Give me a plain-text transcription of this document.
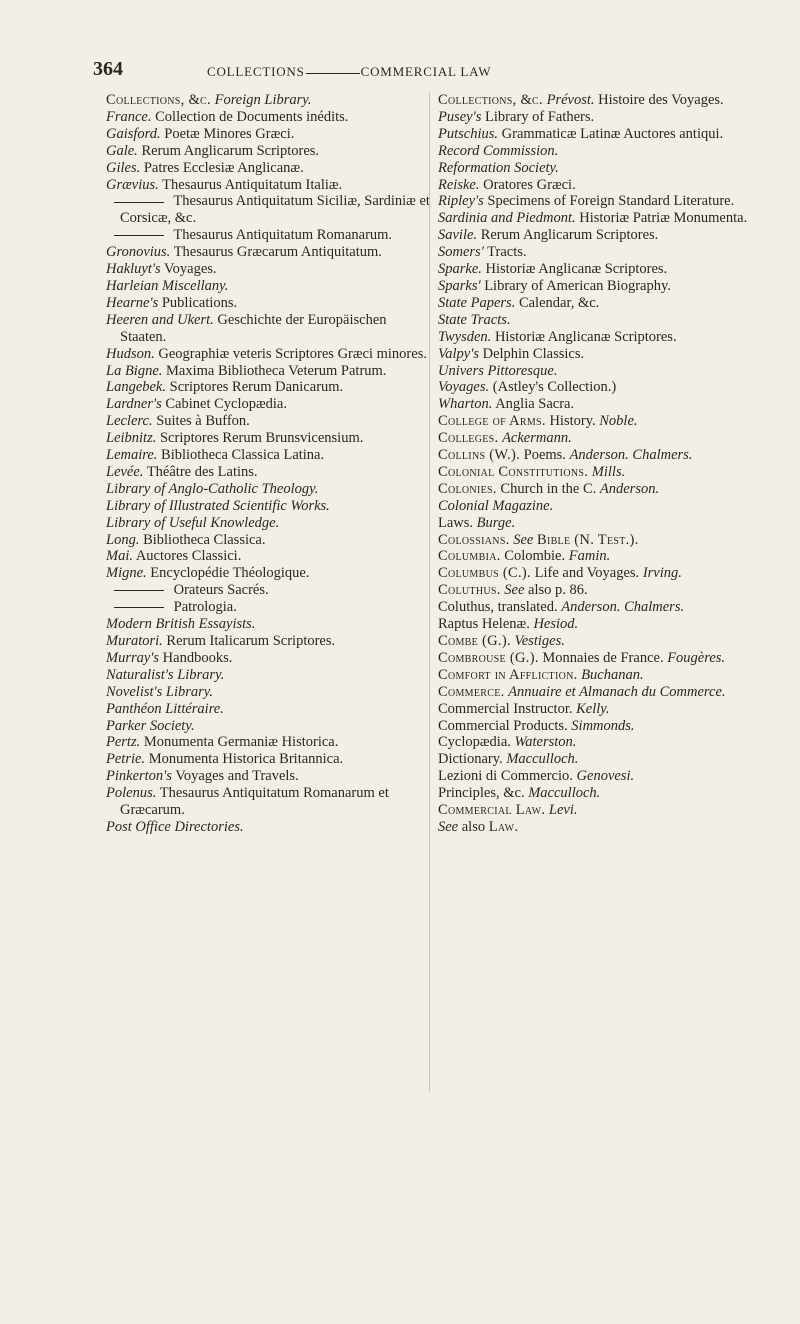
364	COLLECTIONS	COMMERCIAL LAW
Collections, &c. Foreign Library.
France. Collection de Documents inédits.
Gaisford. Poetæ Minores Græci.
Gale. Rerum Anglicarum Scriptores.
Giles. Patres Ecclesiæ Anglicanæ.
Grævius. Thesaurus Antiquitatum Italiæ.
Thesaurus Antiquitatum Siciliæ, Sardiniæ et Corsicæ, &c.
Thesaurus Antiquitatum Romanarum.
Gronovius. Thesaurus Græcarum Antiquitatum.
Hakluyt's Voyages.
Harleian Miscellany.
Hearne's Publications.
Heeren and Ukert. Geschichte der Europäischen Staaten.
Hudson. Geographiæ veteris Scriptores Græci minores.
La Bigne. Maxima Bibliotheca Veterum Patrum.
Langebek. Scriptores Rerum Danicarum.
Lardner's Cabinet Cyclopædia.
Leclerc. Suites à Buffon.
Leibnitz. Scriptores Rerum Brunsvicensium.
Lemaire. Bibliotheca Classica Latina.
Levée. Théâtre des Latins.
Library of Anglo-Catholic Theology.
Library of Illustrated Scientific Works.
Library of Useful Knowledge.
Long. Bibliotheca Classica.
Mai. Auctores Classici.
Migne. Encyclopédie Théologique.
Orateurs Sacrés.
Patrologia.
Modern British Essayists.
Muratori. Rerum Italicarum Scriptores.
Murray's Handbooks.
Naturalist's Library.
Novelist's Library.
Panthéon Littéraire.
Parker Society.
Pertz. Monumenta Germaniæ Historica.
Petrie. Monumenta Historica Britannica.
Pinkerton's Voyages and Travels.
Polenus. Thesaurus Antiquitatum Romanarum et Græcarum.
Post Office Directories.
Collections, &c. Prévost. Histoire des Voyages.
Pusey's Library of Fathers.
Putschius. Grammaticæ Latinæ Auctores antiqui.
Record Commission.
Reformation Society.
Reiske. Oratores Græci.
Ripley's Specimens of Foreign Standard Literature.
Sardinia and Piedmont. Historiæ Patriæ Monumenta.
Savile. Rerum Anglicarum Scriptores.
Somers' Tracts.
Sparke. Historiæ Anglicanæ Scriptores.
Sparks' Library of American Biography.
State Papers. Calendar, &c.
State Tracts.
Twysden. Historiæ Anglicanæ Scriptores.
Valpy's Delphin Classics.
Univers Pittoresque.
Voyages. (Astley's Collection.)
Wharton. Anglia Sacra.
College of Arms. History. Noble.
Colleges. Ackermann.
Collins (W.). Poems. Anderson. Chalmers.
Colonial Constitutions. Mills.
Colonies. Church in the C. Anderson.
Colonial Magazine.
Laws. Burge.
Colossians. See Bible (N. Test.).
Columbia. Colombie. Famin.
Columbus (C.). Life and Voyages. Irving.
Coluthus. See also p. 86.
Coluthus, translated. Anderson. Chalmers.
Raptus Helenæ. Hesiod.
Combe (G.). Vestiges.
Combrouse (G.). Monnaies de France. Fougères.
Comfort in Affliction. Buchanan.
Commerce. Annuaire et Almanach du Commerce.
Commercial Instructor. Kelly.
Commercial Products. Simmonds.
Cyclopædia. Waterston.
Dictionary. Macculloch.
Lezioni di Commercio. Genovesi.
Principles, &c. Macculloch.
Commercial Law. Levi.
See also Law.
